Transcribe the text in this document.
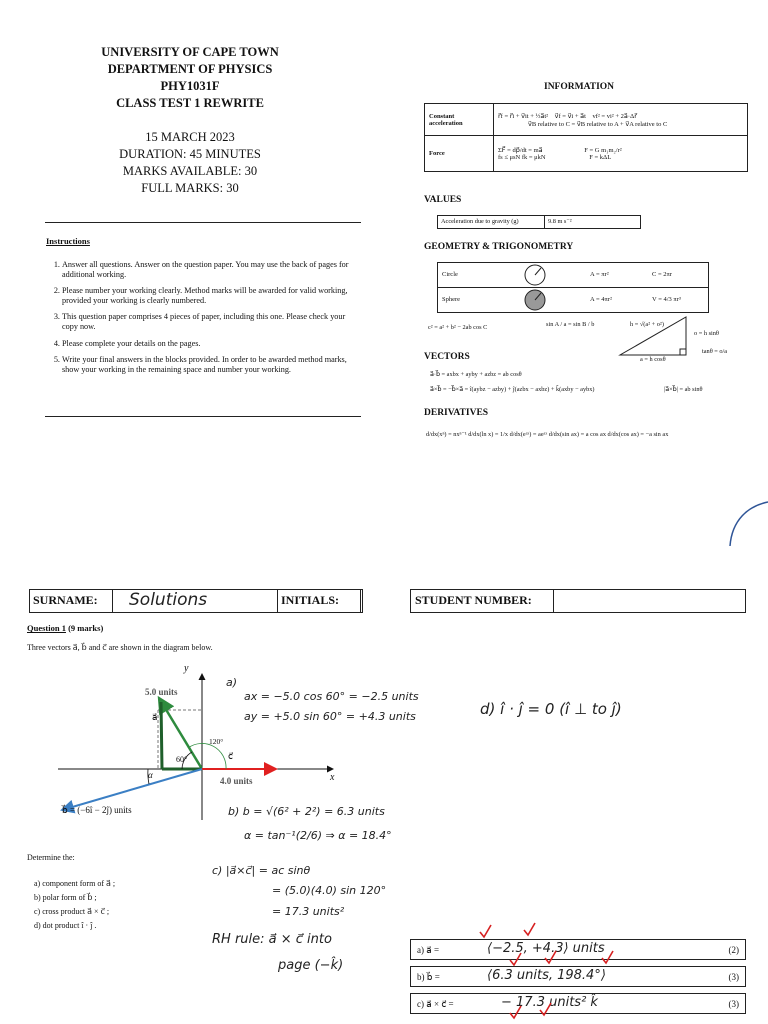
UNIVERSITY OF CAPE TOWN
DEPARTMENT OF PHYSICS
PHY1031F
CLASS TEST 1 REWRITE
15 MARCH 2023
DURATION: 45 MINUTES
MARKS AVAILABLE: 30
FULL MARKS: 30
Instructions
1. Answer all questions. Answer on the question paper. You may use the back of pages for additional working.
2. Please number your working clearly. Method marks will be awarded for valid working, provided your working is clearly numbered.
3. This question paper comprises 4 pieces of paper, including this one. Please check your copy now.
4. Please complete your details on the pages.
5. Write your final answers in the blocks provided. In order to be awarded method marks, show your working in the remaining space and number your working.
INFORMATION
Constant acceleration	r⃗f = r⃗i + v⃗it + ½a⃗t² v⃗f = v⃗i + a⃗t vf² = vi² + 2a⃗·Δr⃗
v⃗B relative to C = v⃗B relative to A + v⃗A relative to C
Force	ΣF⃗ = dp⃗/dt = ma⃗ F = G m₁m₂/r²
fs ≤ μsN fk = μkN F = kΔL
VALUES
Acceleration due to gravity (g)	9.8 m s⁻²
GEOMETRY & TRIGONOMETRY
Circle	A = πr²	C = 2πr
Sphere	A = 4πr²	V = 4/3 πr³
c² = a² + b² − 2ab cos C	sin A / a = sin B / b	h = √(a² + o²)
o = h sinθ
a = h cosθ
tanθ = o/a
VECTORS
a⃗·b⃗ = axbx + ayby + azbz = ab cosθ
a⃗×b⃗ = −b⃗×a⃗ = î(aybz − azby) + ĵ(azbx − axbz) + k̂(axby − aybx)	|a⃗×b⃗| = ab sinθ
DERIVATIVES
d/dx(xⁿ) = nxⁿ⁻¹ d/dx(ln x) = 1/x d/dx(eᵃˣ) = aeᵃˣ d/dx(sin ax) = a cos ax d/dx(cos ax) = −a sin ax
SURNAME:	Solutions	INITIALS:	STUDENT NUMBER:
Question 1 (9 marks)
Three vectors a⃗, b⃗ and c⃗ are shown in the diagram below.
y
x
5.0 units
a⃗
c⃗
4.0 units
60°
120°
α
b⃗ = (−6î − 2ĵ) units
Determine the:
a) component form of a⃗ ;
b) polar form of b⃗ ;
c) cross product a⃗ × c⃗ ;
d) dot product î · ĵ .
a)
ax = −5.0 cos 60° = −2.5 units
ay = +5.0 sin 60° = +4.3 units
b) b = √(6² + 2²) = 6.3 units
α = tan⁻¹(2/6) ⇒ α = 18.4°
c) |a⃗×c⃗| = ac sinθ
= (5.0)(4.0) sin 120°
= 17.3 units²
RH rule: a⃗ × c⃗ into
page (−k̂)
d) î · ĵ = 0 (î ⊥ to ĵ)
a) a⃗ =	⟨−2.5, +4.3⟩ units	(2)
b) b⃗ =	⟨6.3 units, 198.4°⟩	(3)
c) a⃗ × c⃗ =	− 17.3 units² k̂	(3)
